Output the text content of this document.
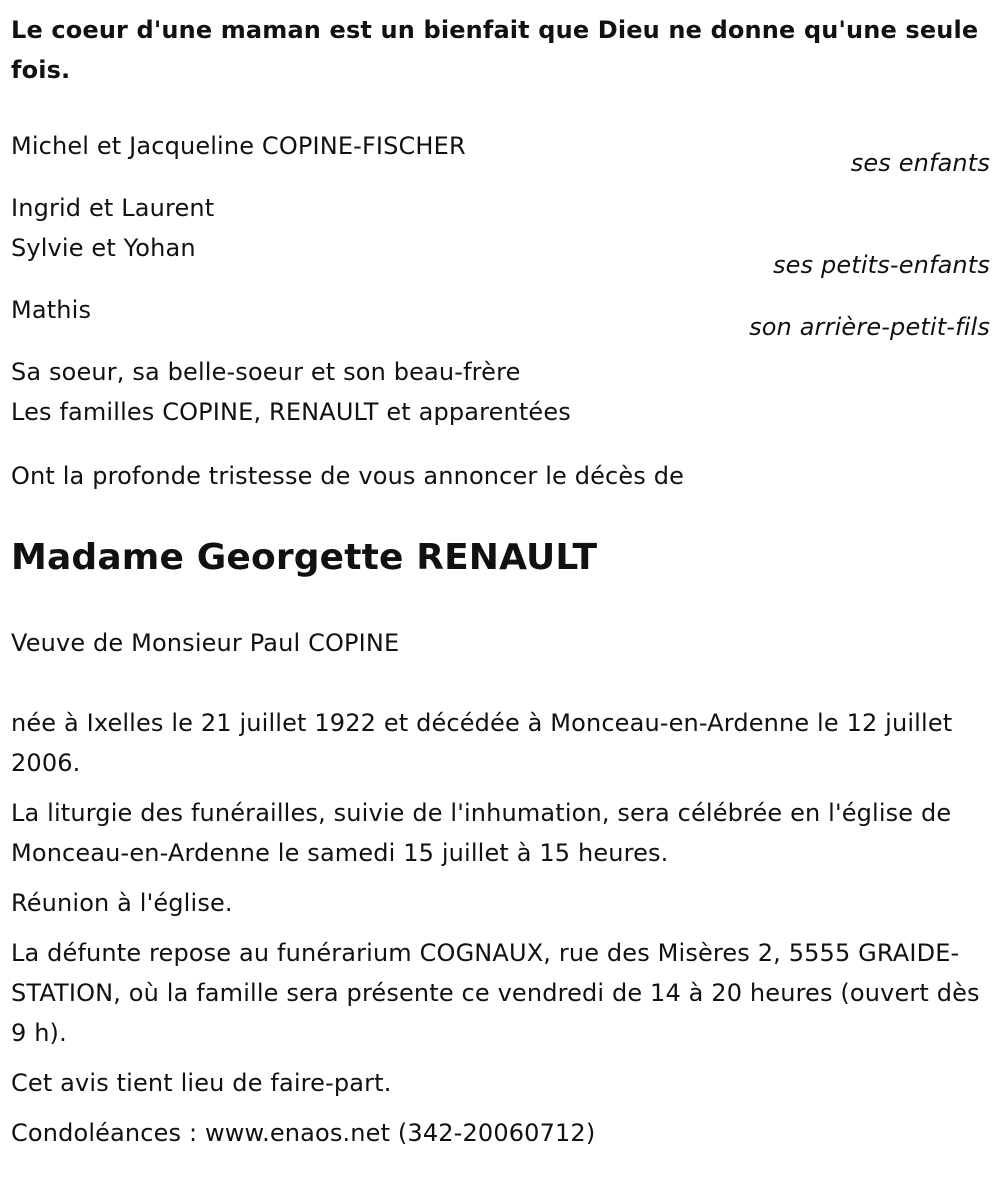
Le coeur d'une maman est un bienfait que Dieu ne donne qu'une seule fois.

Michel et Jacqueline COPINE-FISCHER

ses enfants

Ingrid et Laurent

Sylvie et Yohan

ses petits-enfants

Mathis

son arrière-petit-fils

Sa soeur, sa belle-soeur et son beau-frère

Les familles COPINE, RENAULT et apparentées

Ont la profonde tristesse de vous annoncer le décès de

Madame Georgette RENAULT

Veuve de Monsieur Paul COPINE

née à Ixelles le 21 juillet 1922 et décédée à Monceau-en-Ardenne le 12 juillet 2006.

La liturgie des funérailles, suivie de l'inhumation, sera célébrée en l'église de Monceau-en-Ardenne le samedi 15 juillet à 15 heures.

Réunion à l'église.

La défunte repose au funérarium COGNAUX, rue des Misères 2, 5555 GRAIDE-STATION, où la famille sera présente ce vendredi de 14 à 20 heures (ouvert dès 9 h).

Cet avis tient lieu de faire-part.

Condoléances : www.enaos.net (342-20060712)
